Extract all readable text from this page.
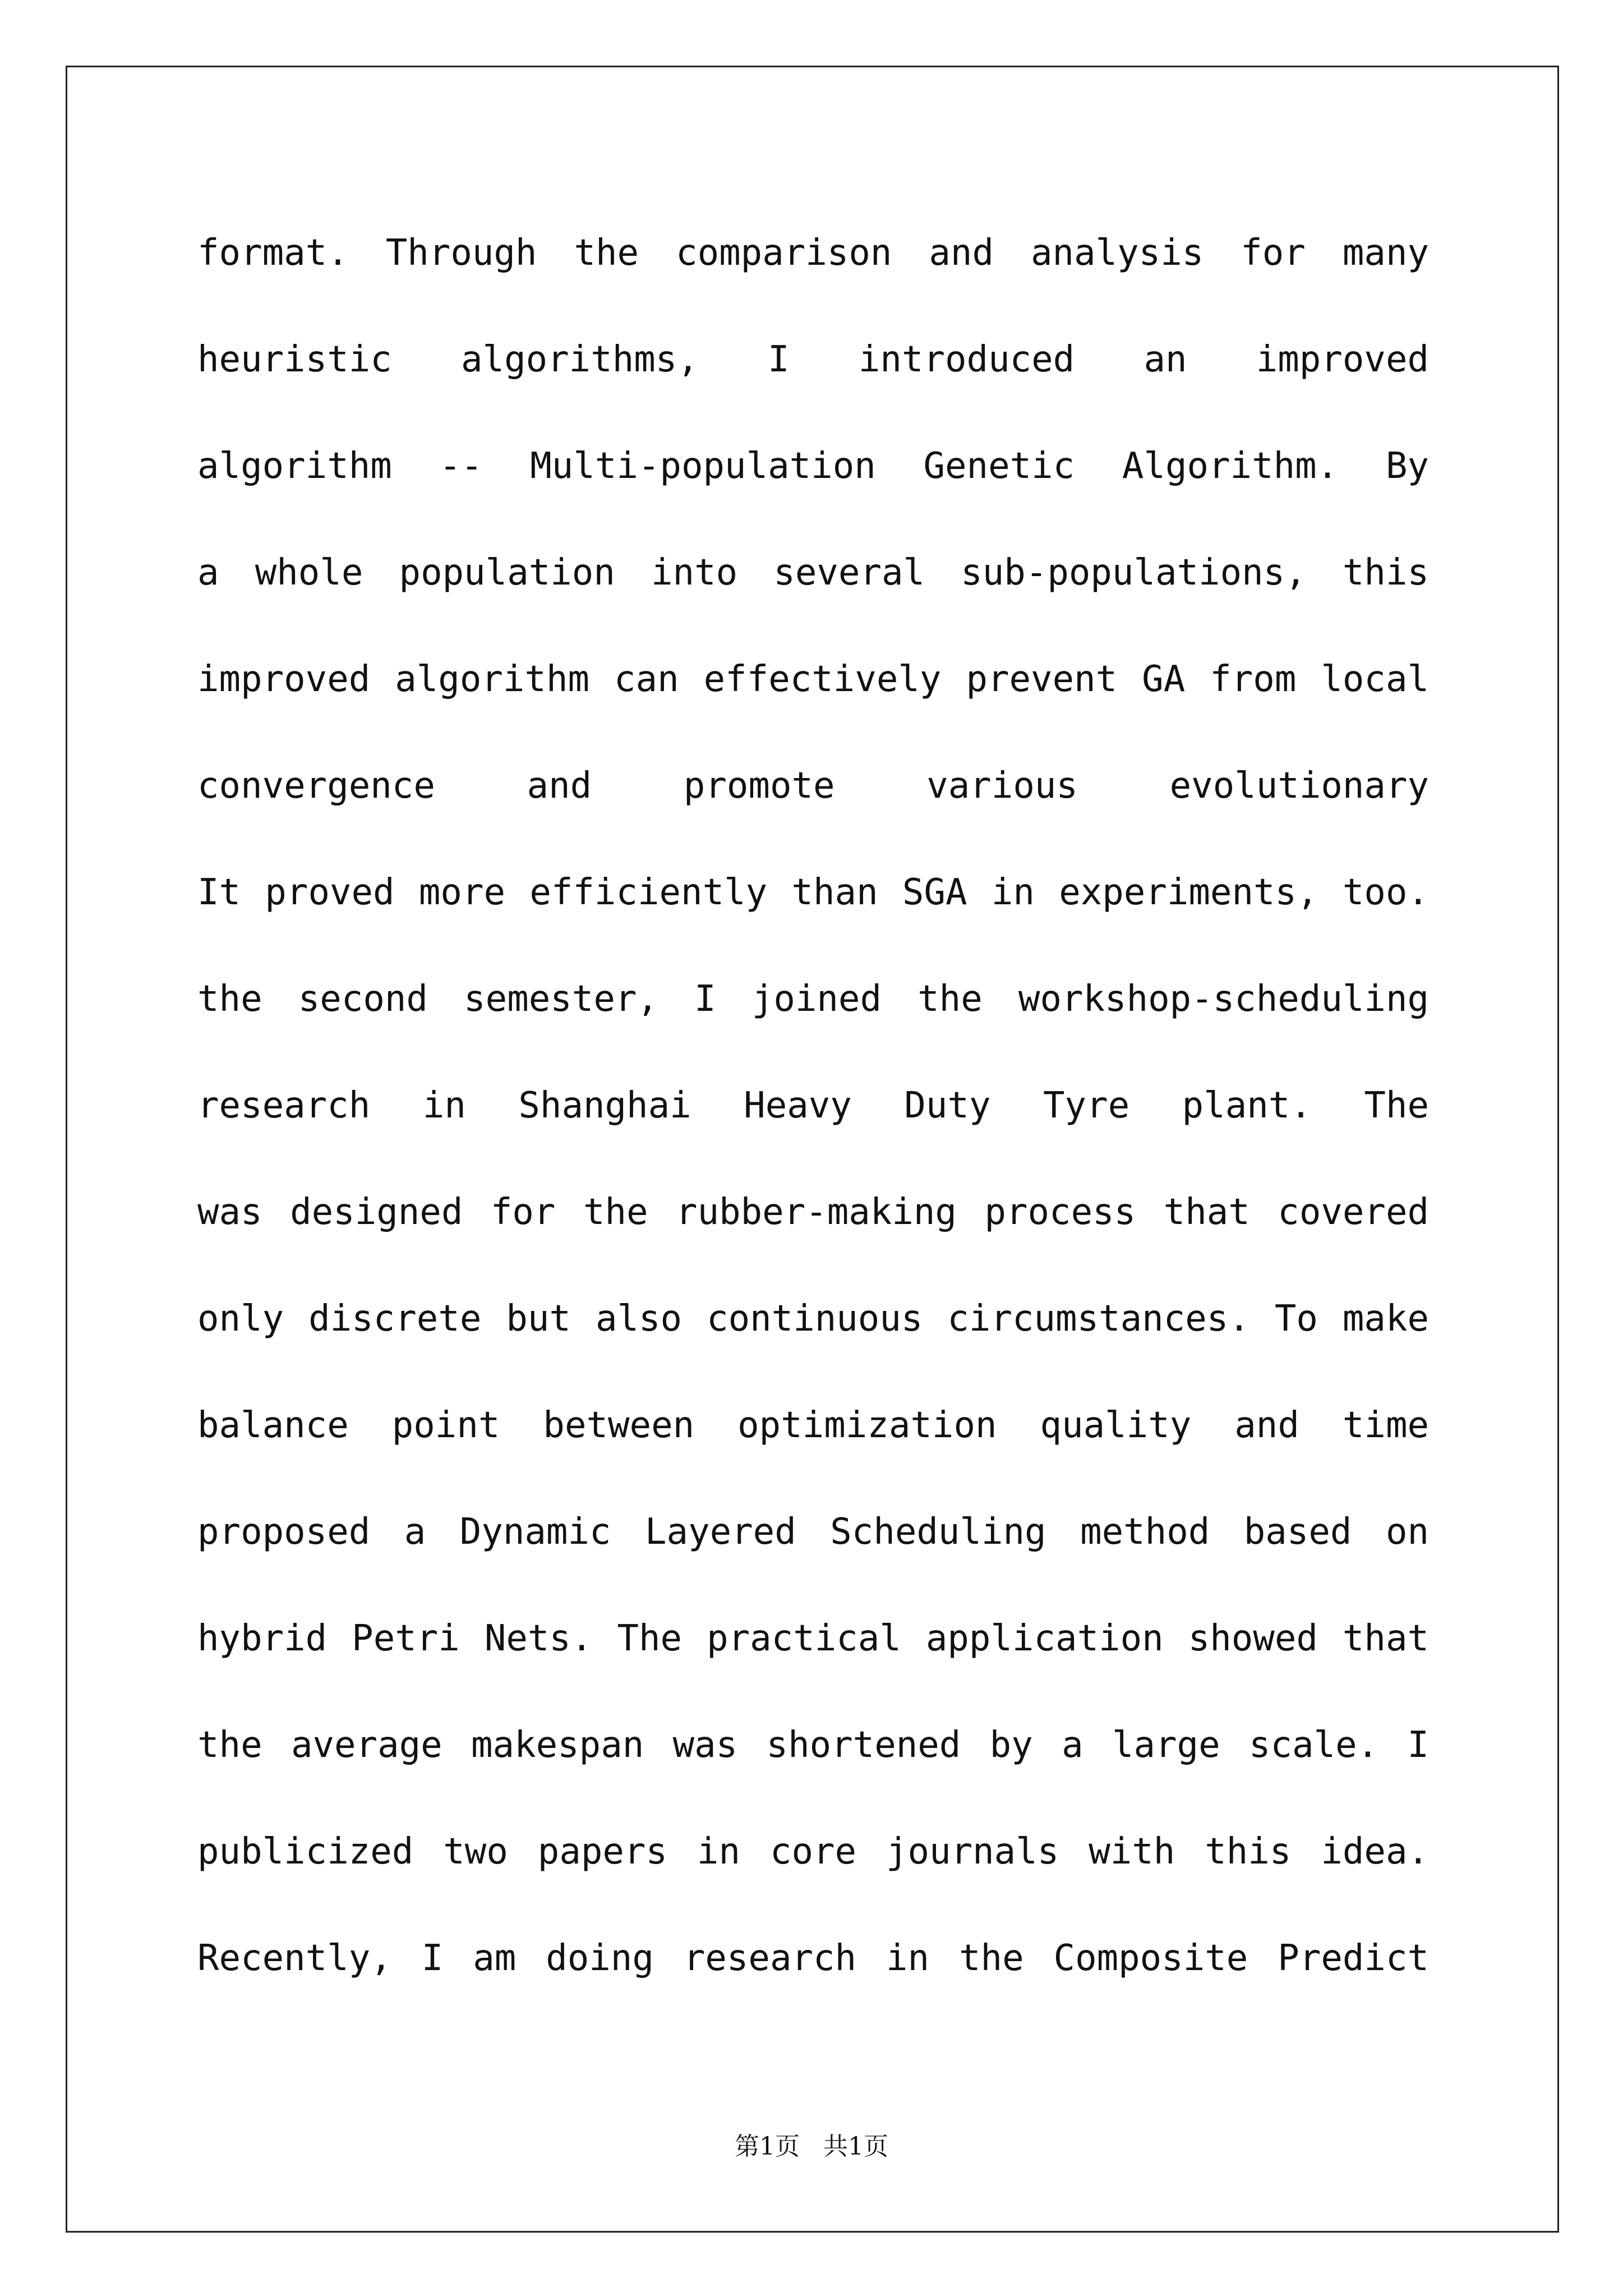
format. Through the comparison and analysis for many
heuristic algorithms, I introduced an improved
algorithm -- Multi-population Genetic Algorithm. By
a whole population into several sub-populations, this
improved algorithm can effectively prevent GA from local
convergence and promote various evolutionary
It proved more efficiently than SGA in experiments, too.
the second semester, I joined the workshop-scheduling
research in Shanghai Heavy Duty Tyre plant. The
was designed for the rubber-making process that covered
only discrete but also continuous circumstances. To make
balance point between optimization quality and time
proposed a Dynamic Layered Scheduling method based on
hybrid Petri Nets. The practical application showed that
the average makespan was shortened by a large scale. I
publicized two papers in core journals with this idea.
Recently, I am doing research in the Composite Predict
第1页   共1页
